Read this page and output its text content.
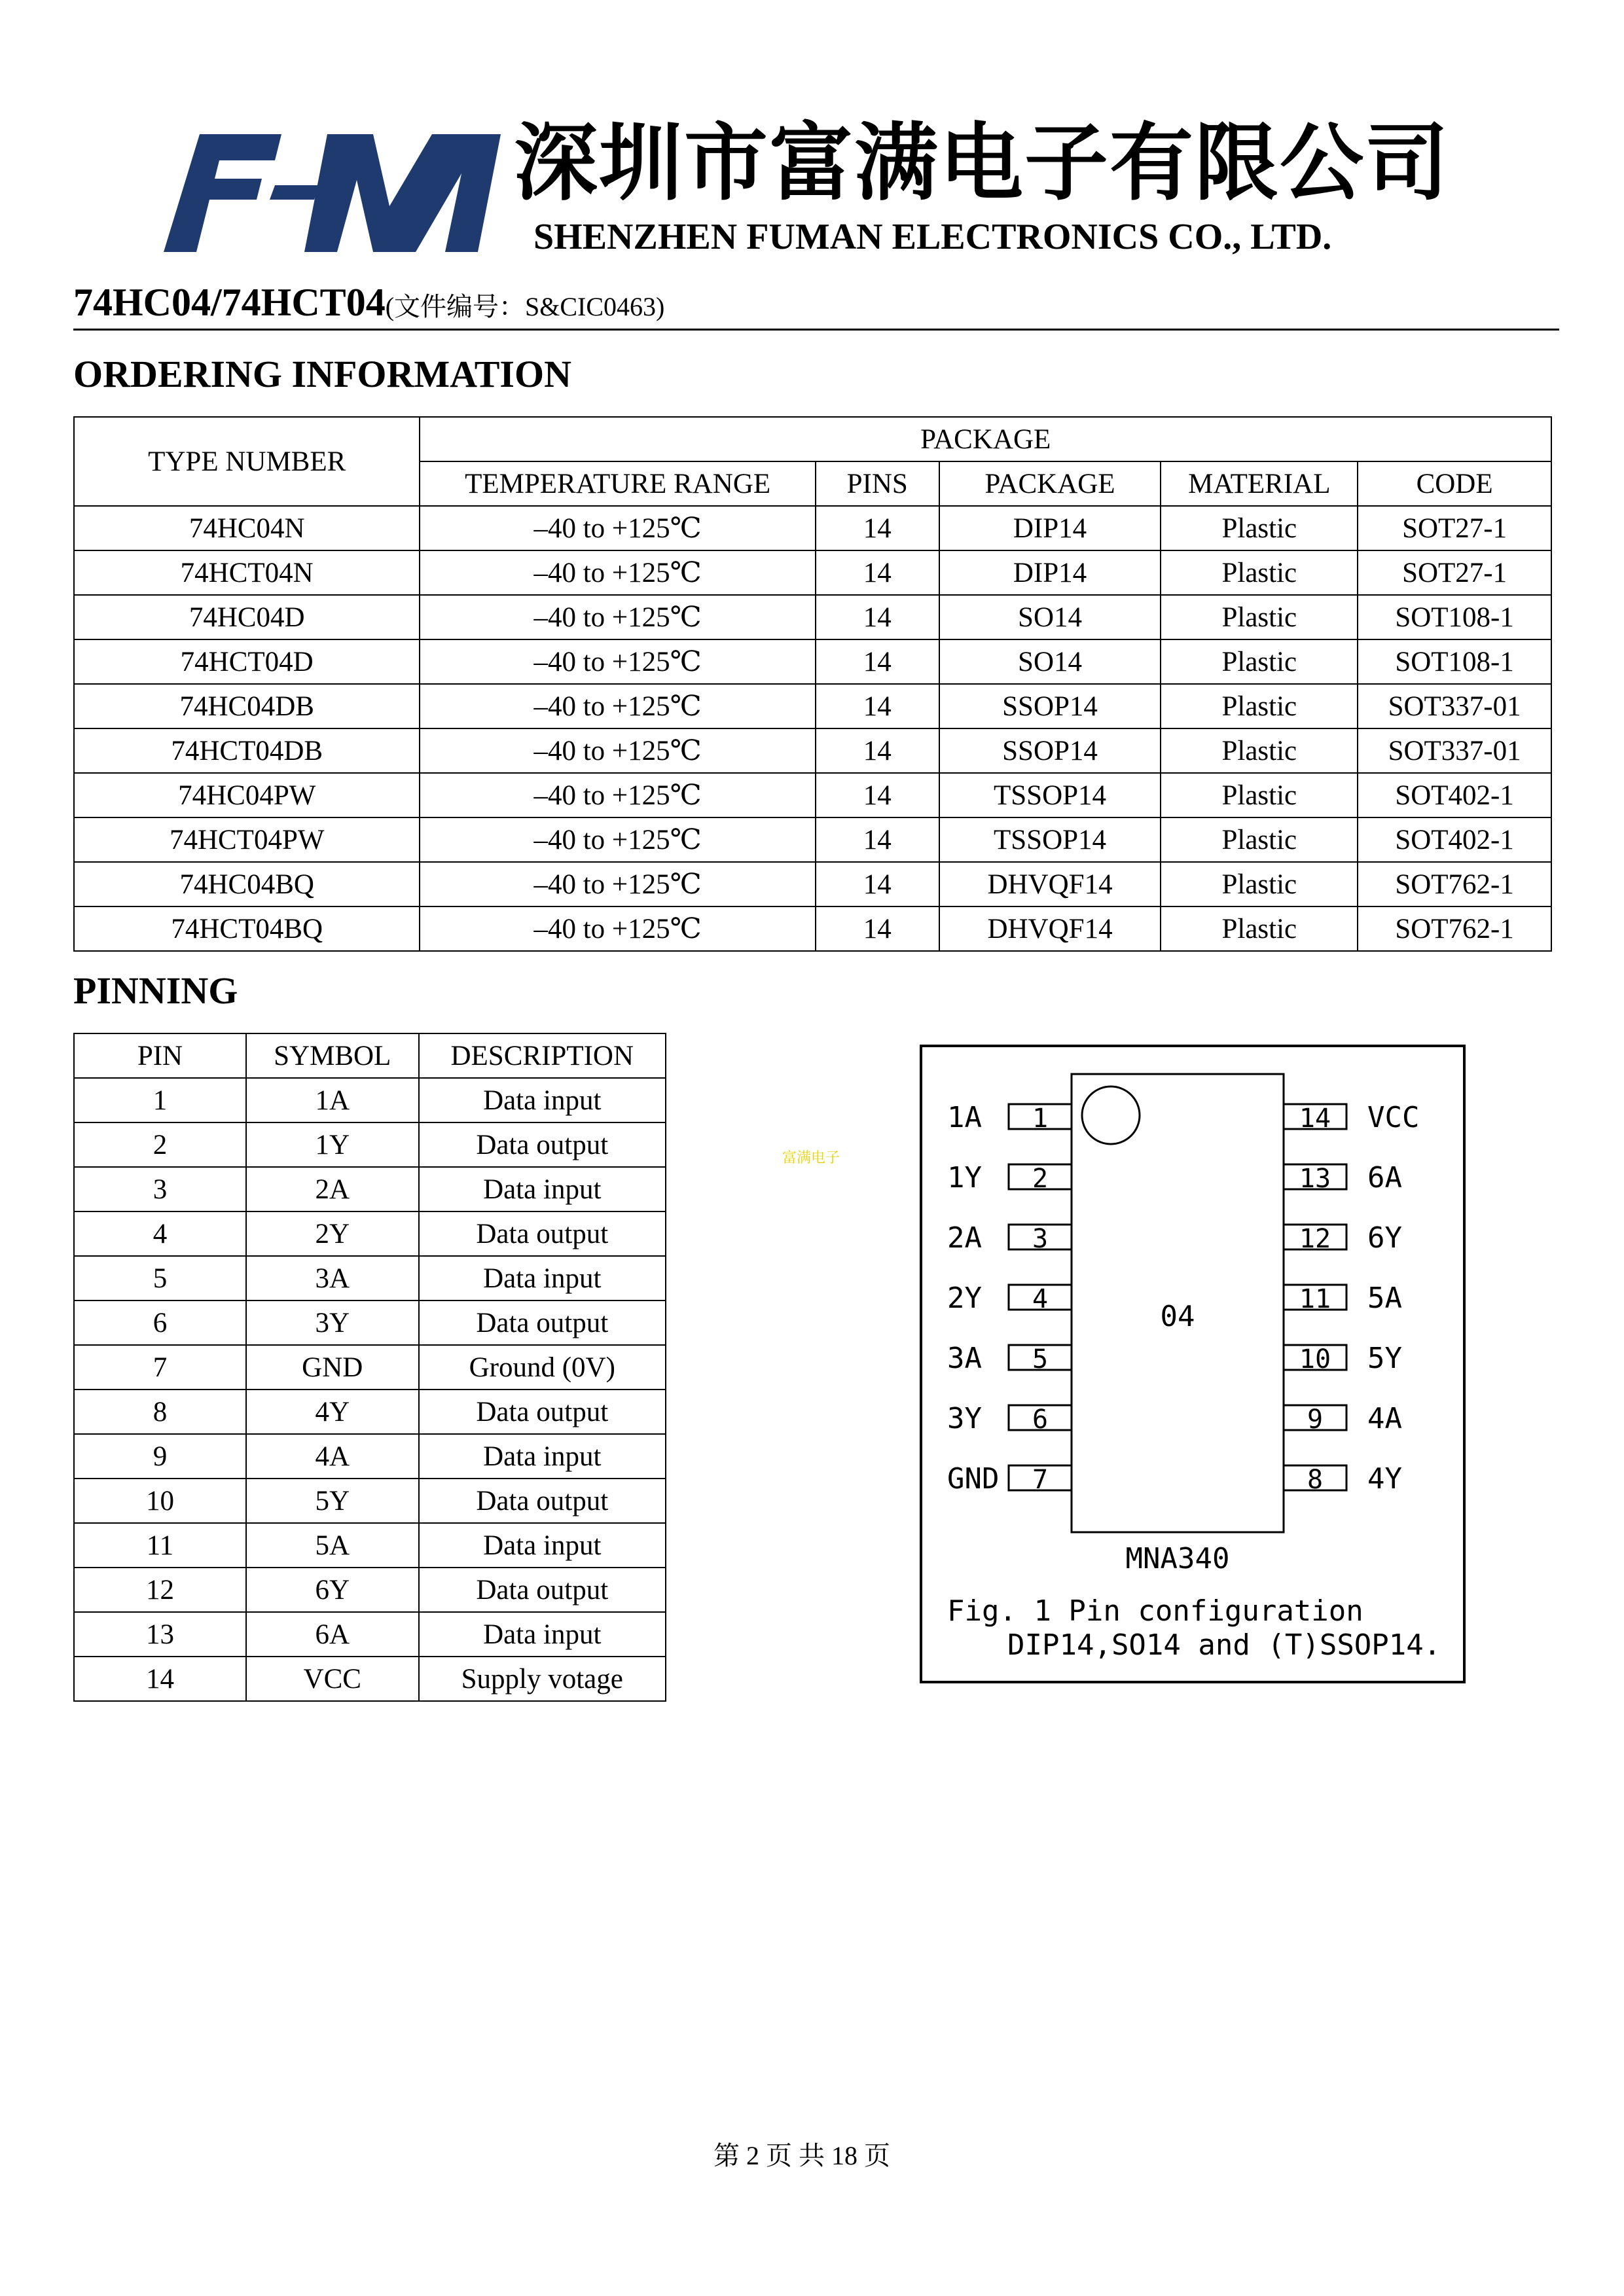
深圳市富满电子有限公司
SHENZHEN FUMAN ELECTRONICS CO., LTD.
74HC04/74HCT04(文件编号：S&CIC0463)
ORDERING INFORMATION
TYPE NUMBER	PACKAGE				
	TEMPERATURE RANGE	PINS	PACKAGE	MATERIAL	CODE
74HC04N	–40 to +125℃	14	DIP14	Plastic	SOT27-1
74HCT04N	–40 to +125℃	14	DIP14	Plastic	SOT27-1
74HC04D	–40 to +125℃	14	SO14	Plastic	SOT108-1
74HCT04D	–40 to +125℃	14	SO14	Plastic	SOT108-1
74HC04DB	–40 to +125℃	14	SSOP14	Plastic	SOT337-01
74HCT04DB	–40 to +125℃	14	SSOP14	Plastic	SOT337-01
74HC04PW	–40 to +125℃	14	TSSOP14	Plastic	SOT402-1
74HCT04PW	–40 to +125℃	14	TSSOP14	Plastic	SOT402-1
74HC04BQ	–40 to +125℃	14	DHVQF14	Plastic	SOT762-1
74HCT04BQ	–40 to +125℃	14	DHVQF14	Plastic	SOT762-1
PINNING
PIN	SYMBOL	DESCRIPTION
1	1A	Data input
2	1Y	Data output
3	2A	Data input
4	2Y	Data output
5	3A	Data input
6	3Y	Data output
7	GND	Ground (0V)
8	4Y	Data output
9	4A	Data input
10	5Y	Data output
11	5A	Data input
12	6Y	Data output
13	6A	Data input
14	VCC	Supply votage
富满电子
04
1A 1
1Y 2
2A 3
2Y 4
3A 5
3Y 6
GND 7
14 VCC
13 6A
12 6Y
11 5A
10 5Y
9 4A
8 4Y
MNA340
Fig. 1 Pin configuration
DIP14,SO14 and (T)SSOP14.
第 2 页 共 18 页
